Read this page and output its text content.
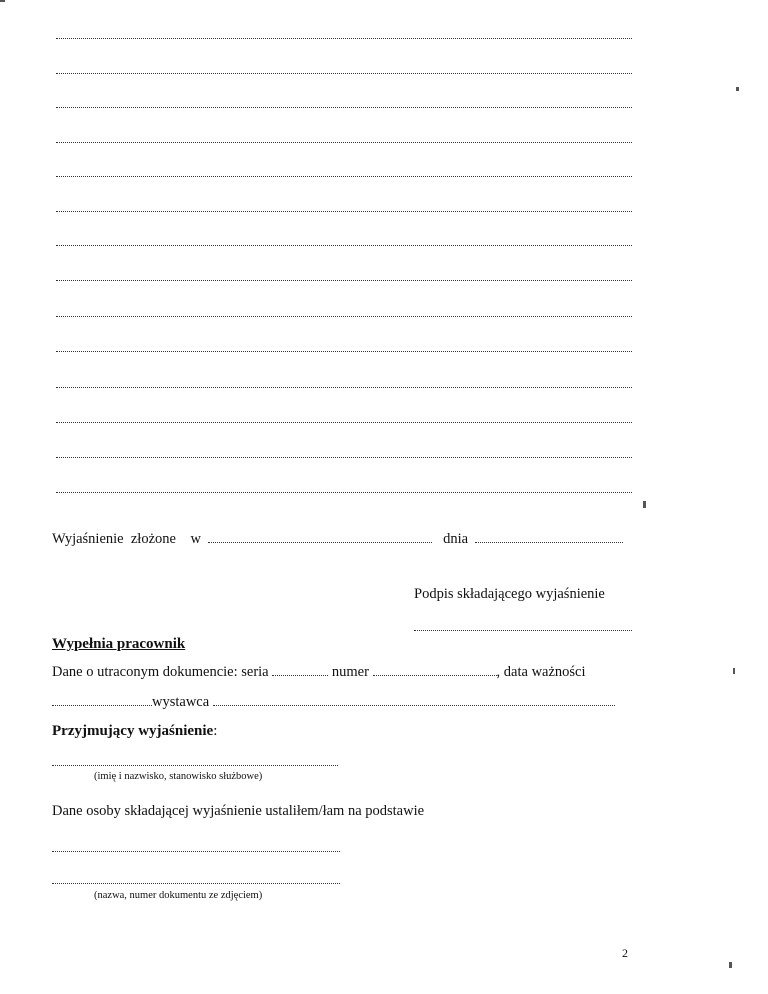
Wyjaśnienie złożone w	dnia
Podpis składającego wyjaśnienie
Wypełnia pracownik
Dane o utraconym dokumencie: seria	numer	, data ważności
wystawca
Przyjmujący wyjaśnienie:
(imię i nazwisko, stanowisko służbowe)
Dane osoby składającej wyjaśnienie ustaliłem/łam na podstawie
(nazwa, numer dokumentu ze zdjęciem)
2
